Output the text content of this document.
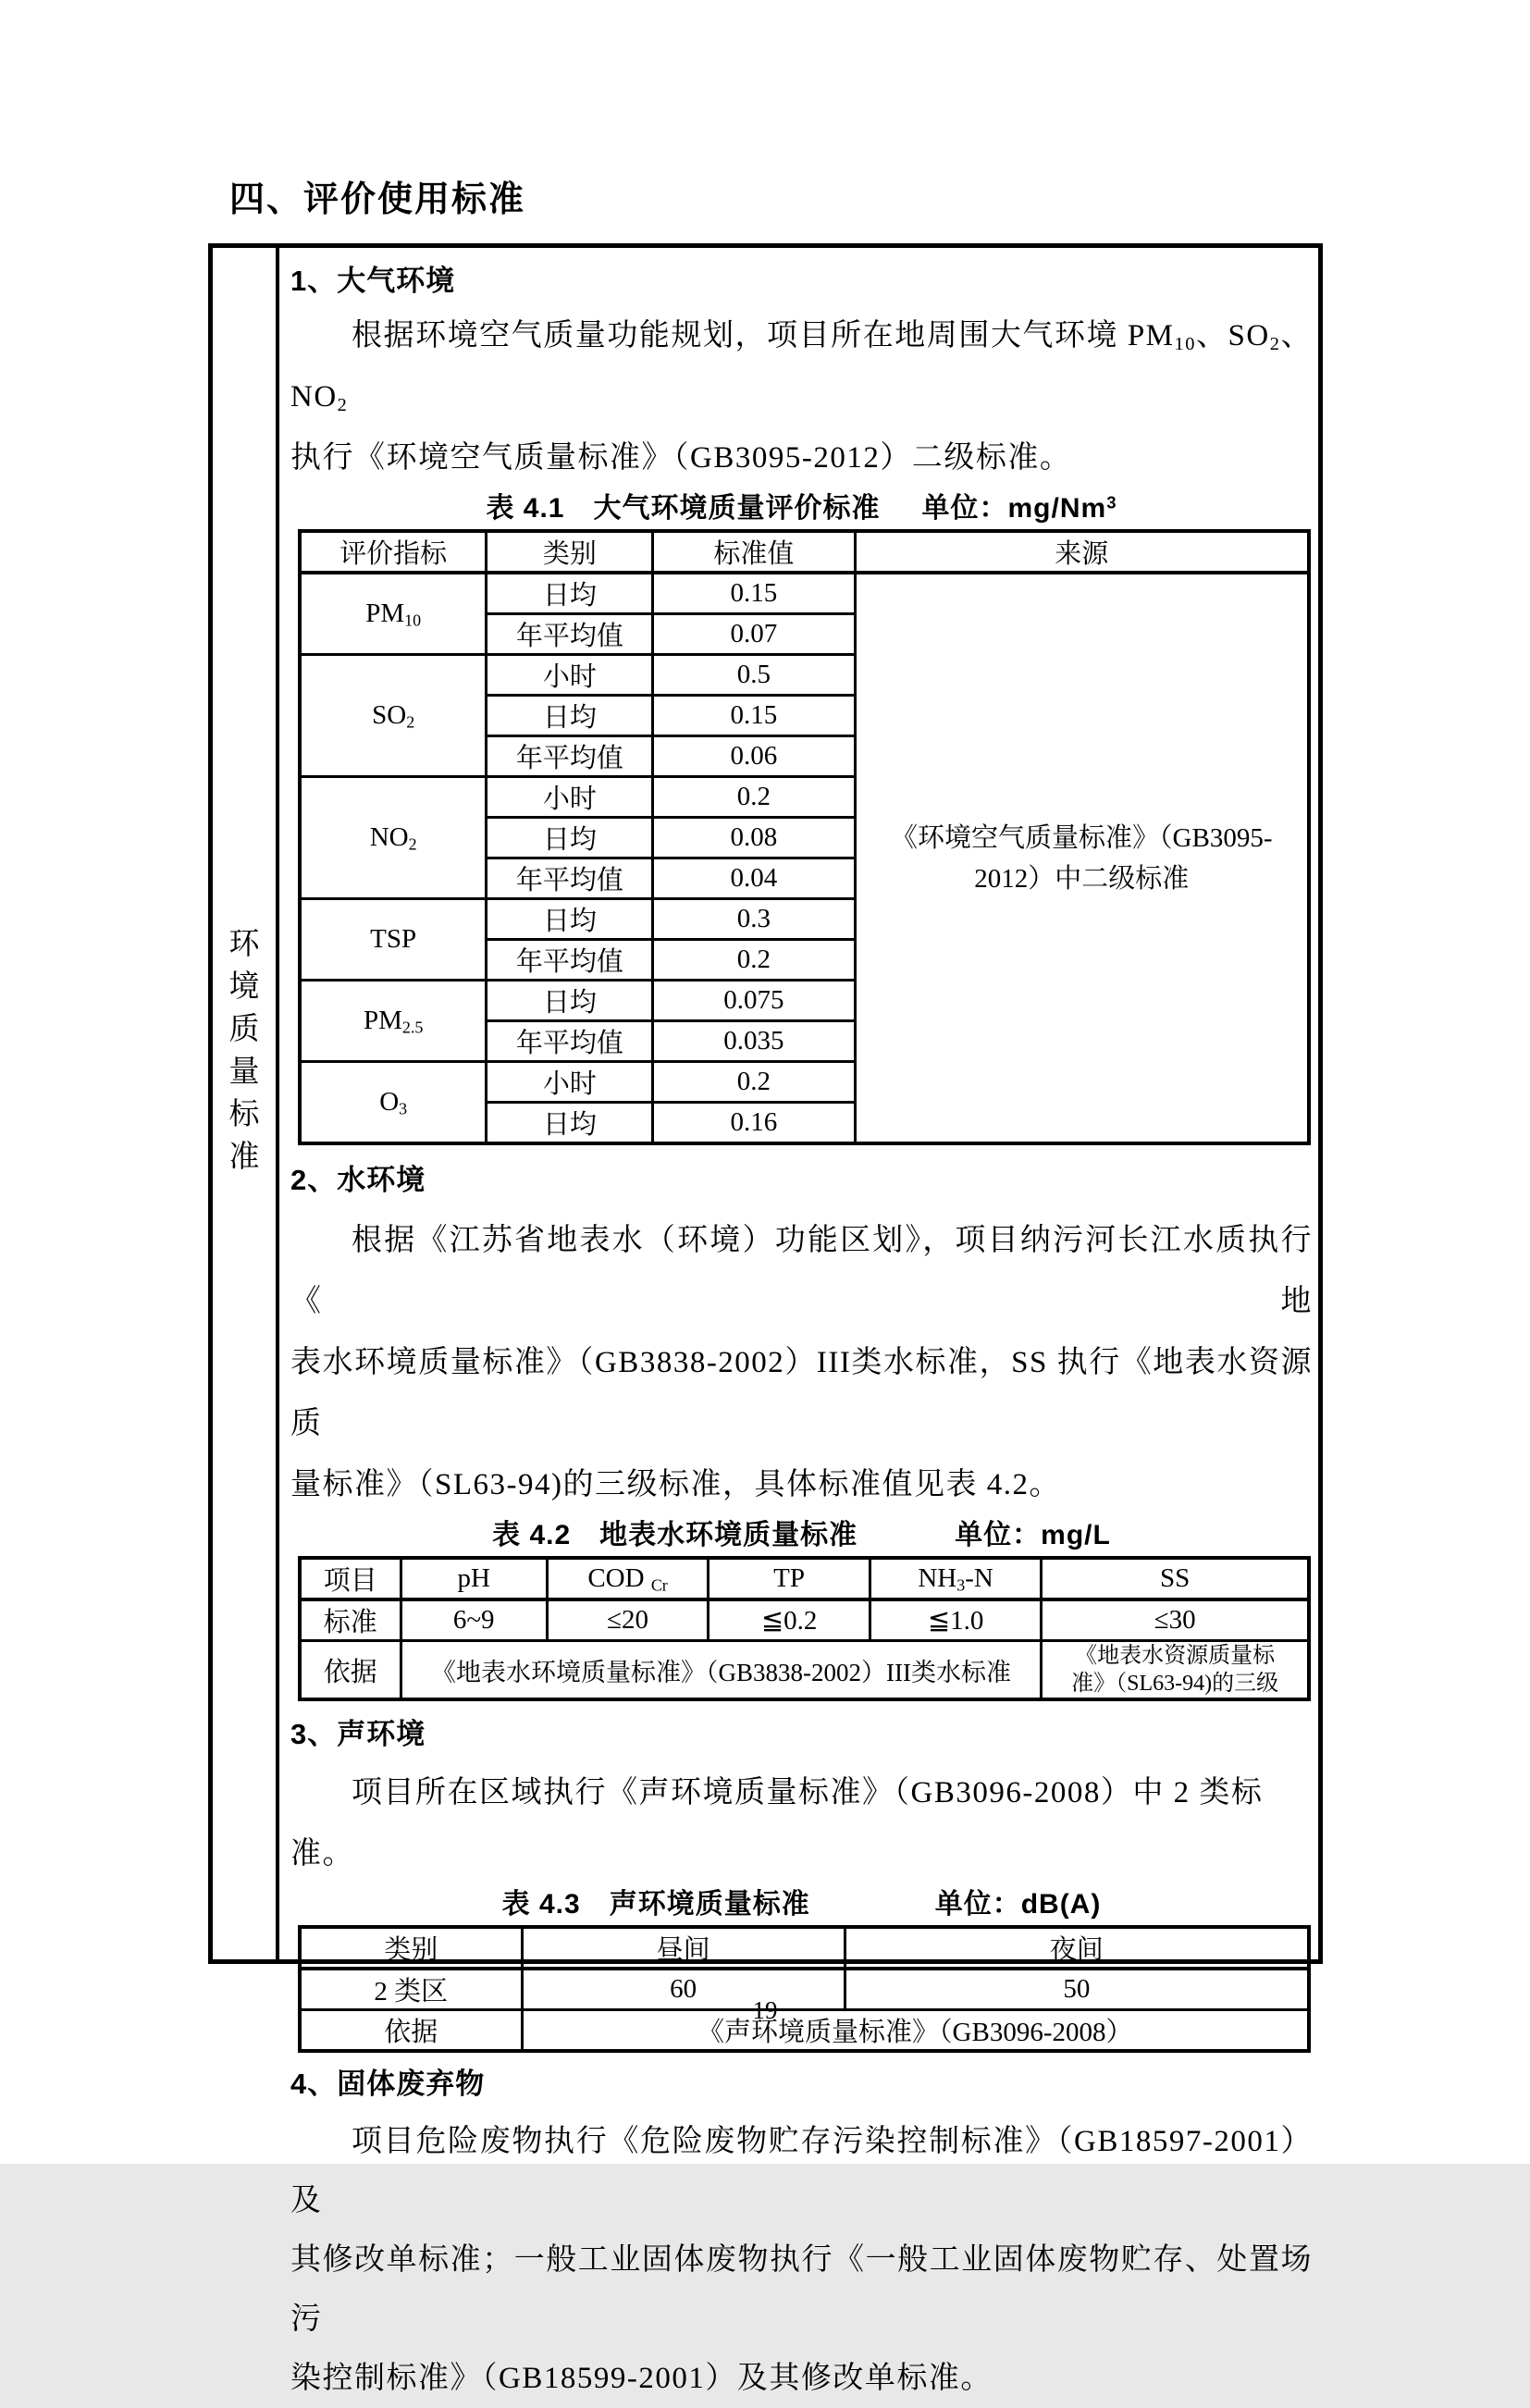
四、评价使用标准
环境质量标准
1、大气环境
根据环境空气质量功能规划，项目所在地周围大气环境 $PM_{10}$、$SO_2$、$NO_2$
执行《环境空气质量标准》（GB3095-2012）二级标准。
表 4.1　大气环境质量评价标准 单位：mg/Nm$^3$
评价指标	类别	标准值	来源
$PM_{10}$	日均	0.15	《环境空气质量标准》（GB3095-
2012）中二级标准
	年平均值	0.07	
$SO_2$	小时	0.5	
	日均	0.15	
	年平均值	0.06	
$NO_2$	小时	0.2	
	日均	0.08	
	年平均值	0.04	
TSP	日均	0.3	
	年平均值	0.2	
$PM_{2.5}$	日均	0.075	
	年平均值	0.035	
$O_3$	小时	0.2	
	日均	0.16	
2、水环境
根据《江苏省地表水（环境）功能区划》，项目纳污河长江水质执行《地
表水环境质量标准》（GB3838-2002）III类水标准，SS 执行《地表水资源质
量标准》（SL63-94)的三级标准，具体标准值见表 4.2。
表 4.2　地表水环境质量标准	单位：mg/L
项目	pH	COD $_{Cr}$	TP	$NH_3-N$	SS
标准	6~9	≤20	≦0.2	≦1.0	≤30
依据	《地表水环境质量标准》（GB3838-2002）III类水标准				《地表水资源质量标
准》（SL63-94)的三级
3、声环境
项目所在区域执行《声环境质量标准》（GB3096-2008）中 2 类标准。
表 4.3　声环境质量标准	单位：dB(A)
类别	昼间	夜间
2 类区	60	50
依据	《声环境质量标准》（GB3096-2008）	
4、固体废弃物
项目危险废物执行《危险废物贮存污染控制标准》（GB18597-2001）及
其修改单标准；一般工业固体废物执行《一般工业固体废物贮存、处置场污
染控制标准》（GB18599-2001）及其修改单标准。
19
